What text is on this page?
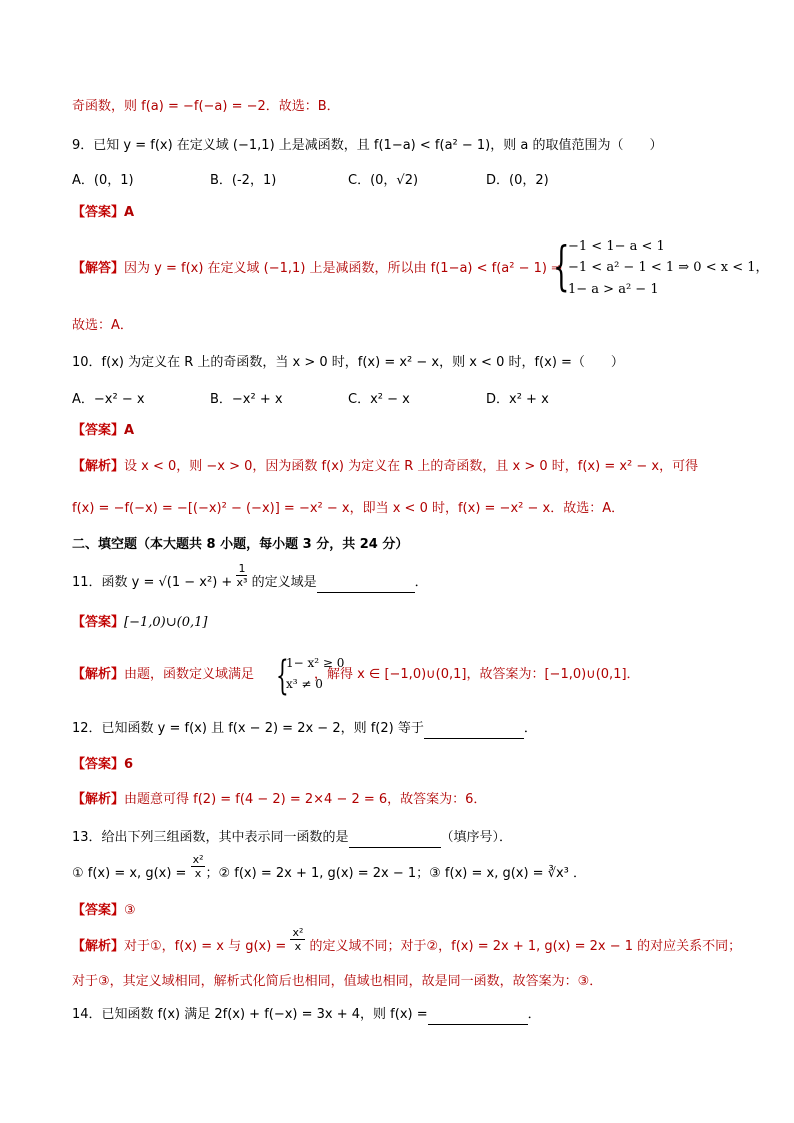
奇函数，则 f(a) = −f(−a) = −2．故选：B．
9．已知 y = f(x) 在定义域 (−1,1) 上是减函数，且 f(1−a) < f(a² − 1)，则 a 的取值范围为（　　）
A．(0，1)	B．(-2，1)	C．(0，√2)	D．(0，2)
【答案】A
【解答】因为 y = f(x) 在定义域 (−1,1) 上是减函数，所以由 f(1−a) < f(a² − 1) ⇒
{
−1 < 1− a < 1
−1 < a² − 1 < 1 ⇒ 0 < x < 1，
1− a > a² − 1
故选：A．
10．f(x) 为定义在 R 上的奇函数，当 x > 0 时，f(x) = x² − x，则 x < 0 时，f(x) =（　　）
A．−x² − x	B．−x² + x	C．x² − x	D．x² + x
【答案】A
【解析】设 x < 0，则 −x > 0，因为函数 f(x) 为定义在 R 上的奇函数，且 x > 0 时，f(x) = x² − x，可得
f(x) = −f(−x) = −[(−x)² − (−x)] = −x² − x，即当 x < 0 时，f(x) = −x² − x．故选：A．
二、填空题（本大题共 8 小题，每小题 3 分，共 24 分）
11．函数 $y = √(1 - x^2) + \frac{1}{\text{x³}}$ 的定义域是	．
【答案】[−1,0)∪(0,1]
【解析】由题，函数定义域满足	，解得 x ∈ [−1,0)∪(0,1]，故答案为：[−1,0)∪(0,1]．
{
1− x² ≥ 0
x³ ≠ 0
12．已知函数 y = f(x) 且 f(x − 2) = 2x − 2，则 f(2) 等于	．
【答案】6
【解析】由题意可得 f(2) = f(4 − 2) = 2×4 − 2 = 6，故答案为：6．
13．给出下列三组函数，其中表示同一函数的是	（填序号）．
① f(x) = x, $g(x) = \frac{\text{x²}}{x}$ ；② f(x) = 2x + 1, g(x) = 2x − 1；③ f(x) = x, g(x) = ∛x³ ．
【答案】③
【解析】对于①，f(x) = x 与 $g(x) = \frac{\text{x²}}{x}$ 的定义域不同；对于②，f(x) = 2x + 1, g(x) = 2x − 1 的对应关系不同；
对于③，其定义域相同，解析式化简后也相同，值域也相同，故是同一函数，故答案为：③．
14．已知函数 f(x) 满足 2f(x) + f(−x) = 3x + 4，则 f(x) =	．
